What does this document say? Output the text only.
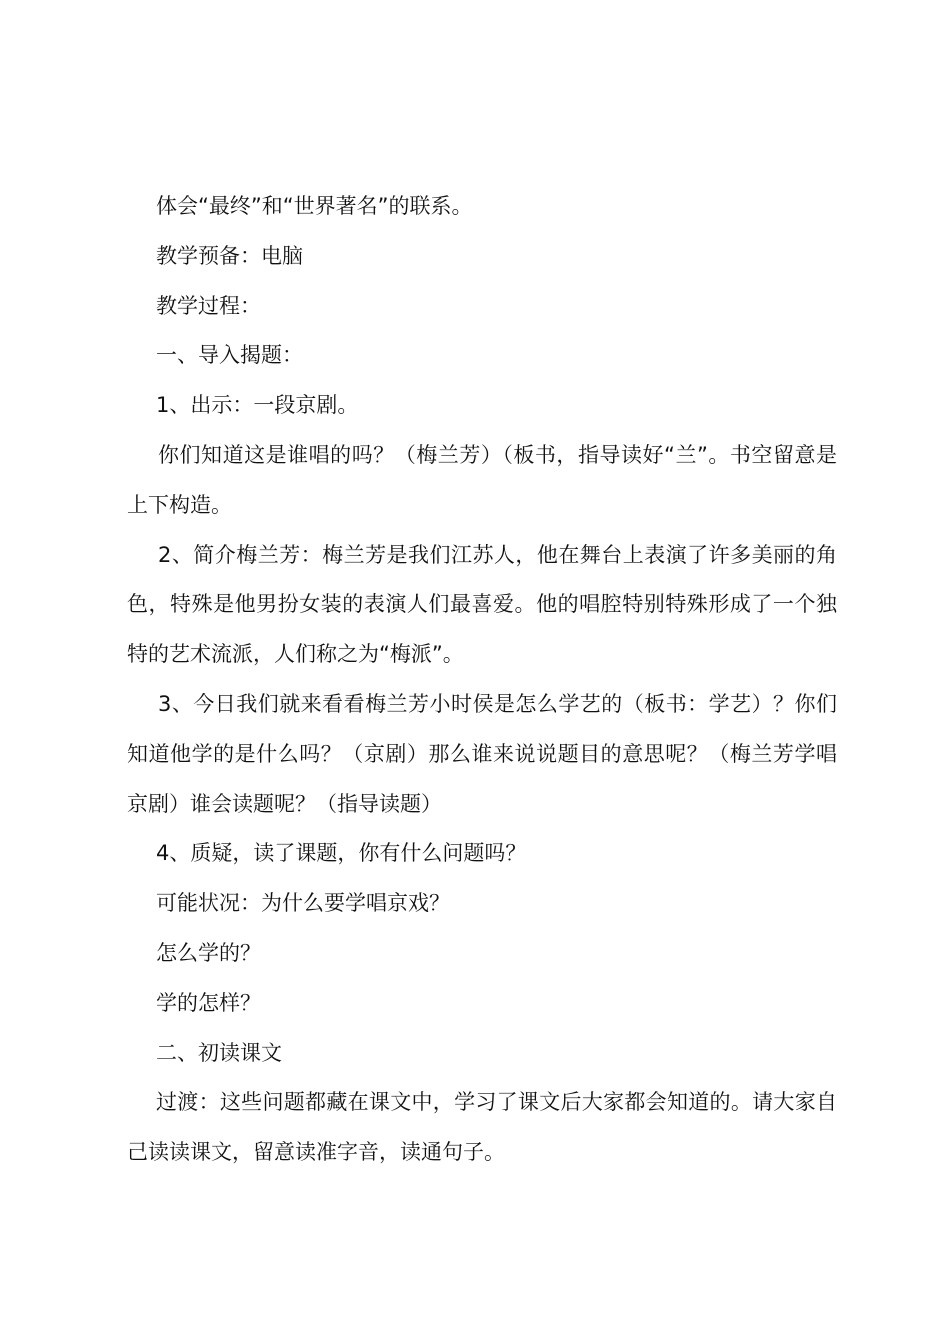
体会“最终”和“世界著名”的联系。

教学预备：电脑

教学过程：

一、导入揭题：

1、出示：一段京剧。

你们知道这是谁唱的吗？（梅兰芳）（板书，指导读好“兰”。书空留意是上下构造。

2、简介梅兰芳：梅兰芳是我们江苏人，他在舞台上表演了许多美丽的角色，特殊是他男扮女装的表演人们最喜爱。他的唱腔特别特殊形成了一个独特的艺术流派，人们称之为“梅派”。

3、今日我们就来看看梅兰芳小时侯是怎么学艺的（板书：学艺）？你们知道他学的是什么吗？（京剧）那么谁来说说题目的意思呢？（梅兰芳学唱京剧）谁会读题呢？（指导读题）

4、质疑，读了课题，你有什么问题吗？

可能状况：为什么要学唱京戏？

怎么学的？

学的怎样？

二、初读课文

过渡：这些问题都藏在课文中，学习了课文后大家都会知道的。请大家自己读读课文，留意读准字音，读通句子。
